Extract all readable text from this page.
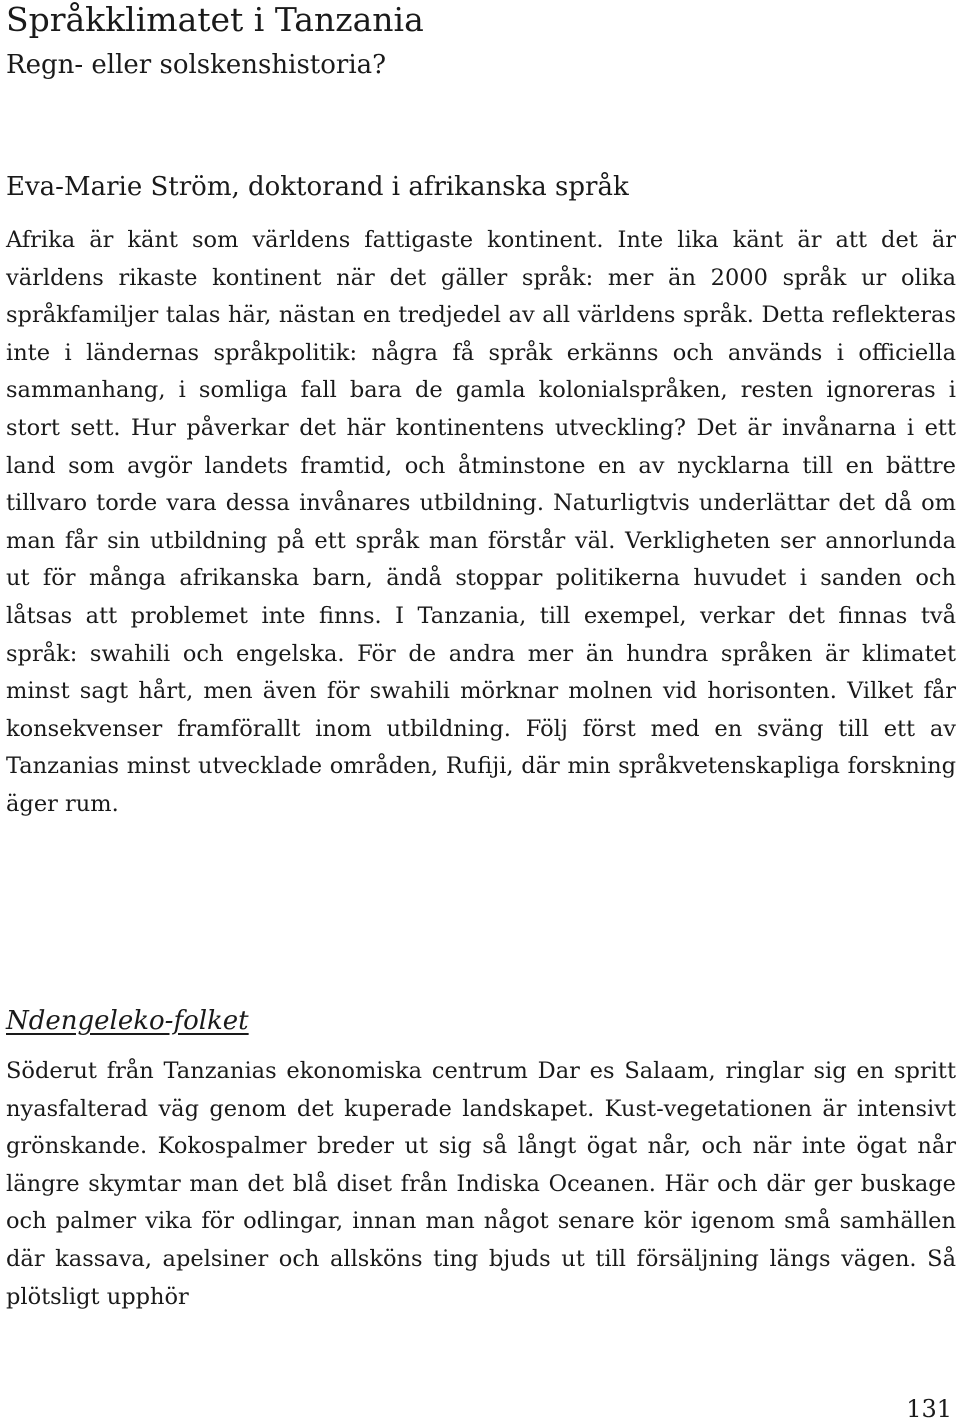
Språkklimatet i Tanzania

Regn- eller solskenshistoria?

Eva-Marie Ström, doktorand i afrikanska språk

Afrika är känt som världens fattigaste kontinent. Inte lika känt är att det är världens rikaste kontinent när det gäller språk: mer än 2000 språk ur olika språkfamiljer talas här, nästan en tredjedel av all världens språk. Detta reflekteras inte i ländernas språkpolitik: några få språk erkänns och används i officiella sammanhang, i somliga fall bara de gamla kolonialspråken, resten ignoreras i stort sett. Hur påverkar det här kontinentens utveckling? Det är invånarna i ett land som avgör landets framtid, och åtminstone en av nycklarna till en bättre tillvaro torde vara dessa invånares utbildning. Naturligtvis underlättar det då om man får sin utbildning på ett språk man förstår väl. Verkligheten ser annorlunda ut för många afrikanska barn, ändå stoppar politikerna huvudet i sanden och låtsas att problemet inte finns. I Tanzania, till exempel, verkar det finnas två språk: swahili och engelska. För de andra mer än hundra språken är klimatet minst sagt hårt, men även för swahili mörknar molnen vid horisonten. Vilket får konsekvenser framförallt inom utbildning. Följ först med en sväng till ett av Tanzanias minst utvecklade områden, Rufiji, där min språkvetenskapliga forskning äger rum.

Ndengeleko-folket

Söderut från Tanzanias ekonomiska centrum Dar es Salaam, ringlar sig en spritt nyasfalterad väg genom det kuperade landskapet. Kust-vegetationen är intensivt grönskande. Kokospalmer breder ut sig så långt ögat når, och när inte ögat når längre skymtar man det blå diset från Indiska Oceanen. Här och där ger buskage och palmer vika för odlingar, innan man något senare kör igenom små samhällen där kassava, apelsiner och allsköns ting bjuds ut till försäljning längs vägen. Så plötsligt upphör

131
